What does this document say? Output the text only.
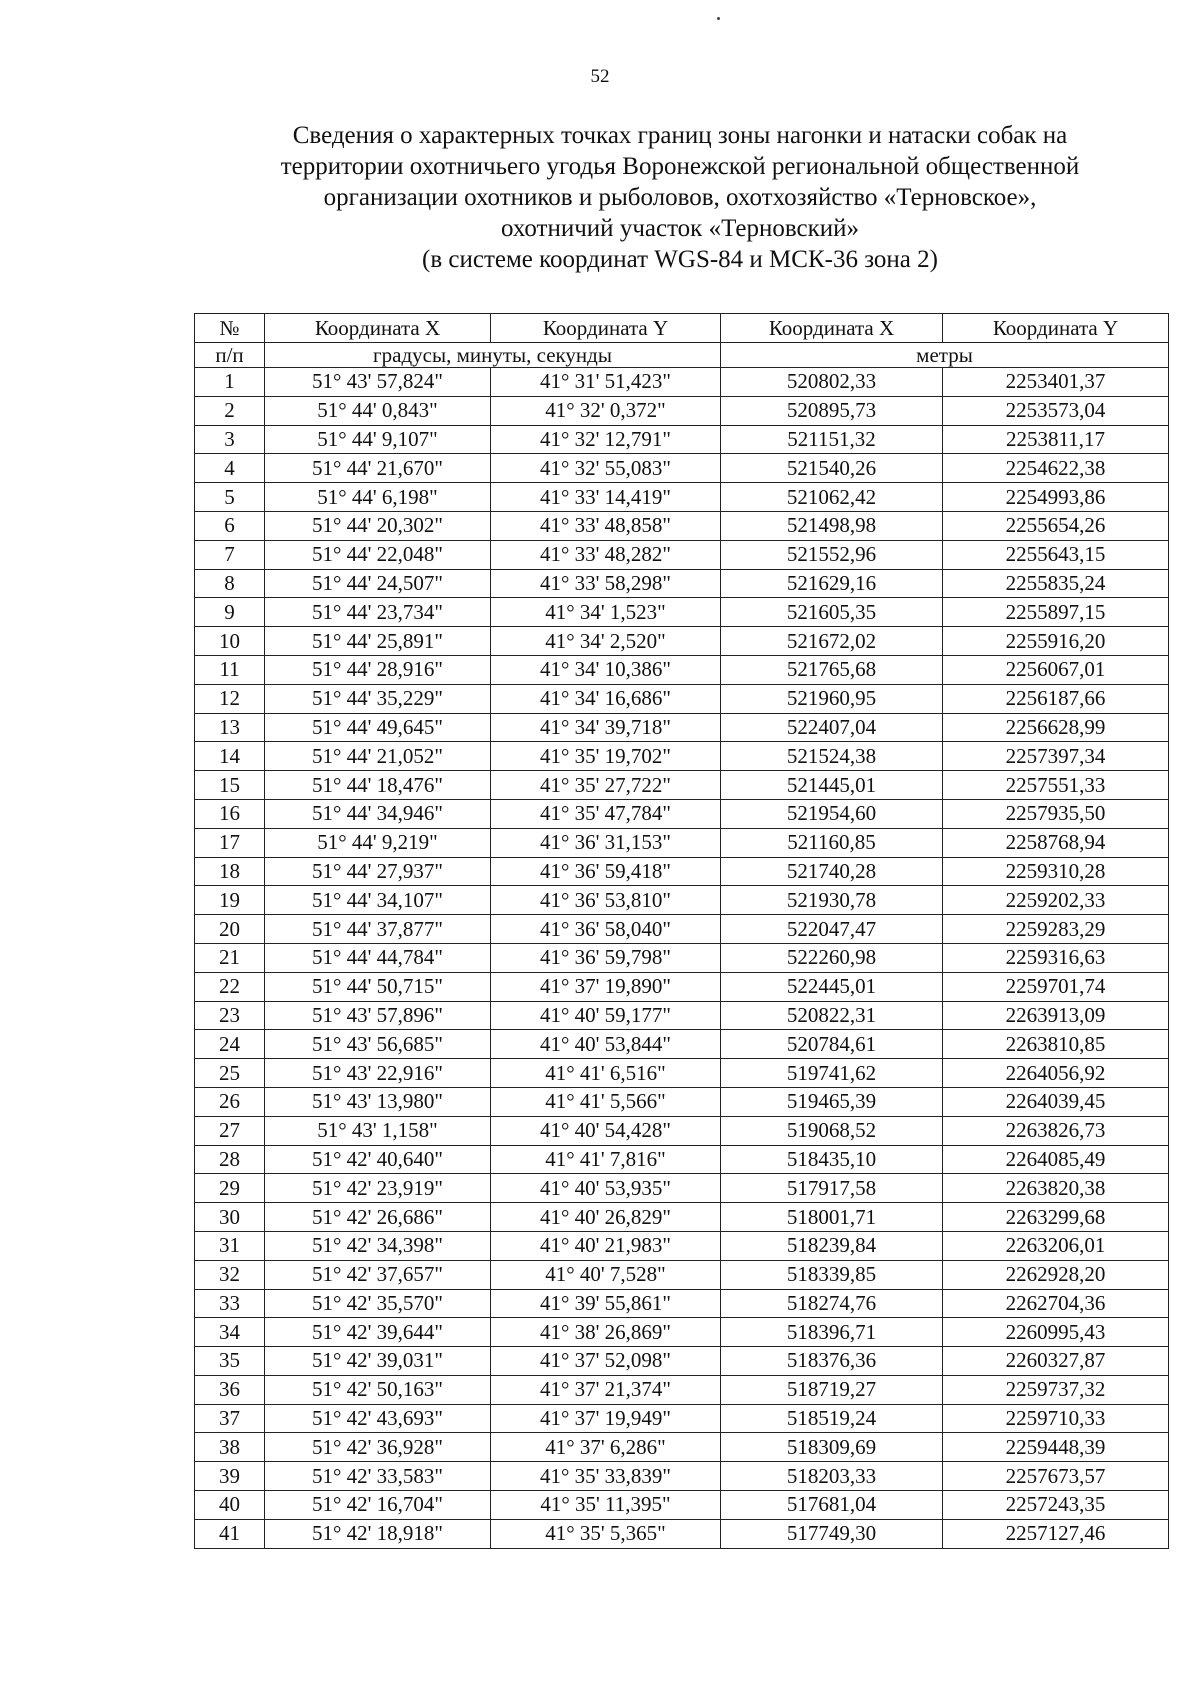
52
Сведения о характерных точках границ зоны нагонки и натаски собак на
территории охотничьего угодья Воронежской региональной общественной
организации охотников и рыболовов, охотхозяйство «Терновское»,
охотничий участок «Терновский»
(в системе координат WGS-84 и МСК-36 зона 2)
№	Координата X	Координата Y	Координата X	Координата Y
п/п	градусы, минуты, секунды		метры	
1	51° 43' 57,824"	41° 31' 51,423"	520802,33	2253401,37
2	51° 44' 0,843"	41° 32' 0,372"	520895,73	2253573,04
3	51° 44' 9,107"	41° 32' 12,791"	521151,32	2253811,17
4	51° 44' 21,670"	41° 32' 55,083"	521540,26	2254622,38
5	51° 44' 6,198"	41° 33' 14,419"	521062,42	2254993,86
6	51° 44' 20,302"	41° 33' 48,858"	521498,98	2255654,26
7	51° 44' 22,048"	41° 33' 48,282"	521552,96	2255643,15
8	51° 44' 24,507"	41° 33' 58,298"	521629,16	2255835,24
9	51° 44' 23,734"	41° 34' 1,523"	521605,35	2255897,15
10	51° 44' 25,891"	41° 34' 2,520"	521672,02	2255916,20
11	51° 44' 28,916"	41° 34' 10,386"	521765,68	2256067,01
12	51° 44' 35,229"	41° 34' 16,686"	521960,95	2256187,66
13	51° 44' 49,645"	41° 34' 39,718"	522407,04	2256628,99
14	51° 44' 21,052"	41° 35' 19,702"	521524,38	2257397,34
15	51° 44' 18,476"	41° 35' 27,722"	521445,01	2257551,33
16	51° 44' 34,946"	41° 35' 47,784"	521954,60	2257935,50
17	51° 44' 9,219"	41° 36' 31,153"	521160,85	2258768,94
18	51° 44' 27,937"	41° 36' 59,418"	521740,28	2259310,28
19	51° 44' 34,107"	41° 36' 53,810"	521930,78	2259202,33
20	51° 44' 37,877"	41° 36' 58,040"	522047,47	2259283,29
21	51° 44' 44,784"	41° 36' 59,798"	522260,98	2259316,63
22	51° 44' 50,715"	41° 37' 19,890"	522445,01	2259701,74
23	51° 43' 57,896"	41° 40' 59,177"	520822,31	2263913,09
24	51° 43' 56,685"	41° 40' 53,844"	520784,61	2263810,85
25	51° 43' 22,916"	41° 41' 6,516"	519741,62	2264056,92
26	51° 43' 13,980"	41° 41' 5,566"	519465,39	2264039,45
27	51° 43' 1,158"	41° 40' 54,428"	519068,52	2263826,73
28	51° 42' 40,640"	41° 41' 7,816"	518435,10	2264085,49
29	51° 42' 23,919"	41° 40' 53,935"	517917,58	2263820,38
30	51° 42' 26,686"	41° 40' 26,829"	518001,71	2263299,68
31	51° 42' 34,398"	41° 40' 21,983"	518239,84	2263206,01
32	51° 42' 37,657"	41° 40' 7,528"	518339,85	2262928,20
33	51° 42' 35,570"	41° 39' 55,861"	518274,76	2262704,36
34	51° 42' 39,644"	41° 38' 26,869"	518396,71	2260995,43
35	51° 42' 39,031"	41° 37' 52,098"	518376,36	2260327,87
36	51° 42' 50,163"	41° 37' 21,374"	518719,27	2259737,32
37	51° 42' 43,693"	41° 37' 19,949"	518519,24	2259710,33
38	51° 42' 36,928"	41° 37' 6,286"	518309,69	2259448,39
39	51° 42' 33,583"	41° 35' 33,839"	518203,33	2257673,57
40	51° 42' 16,704"	41° 35' 11,395"	517681,04	2257243,35
41	51° 42' 18,918"	41° 35' 5,365"	517749,30	2257127,46
